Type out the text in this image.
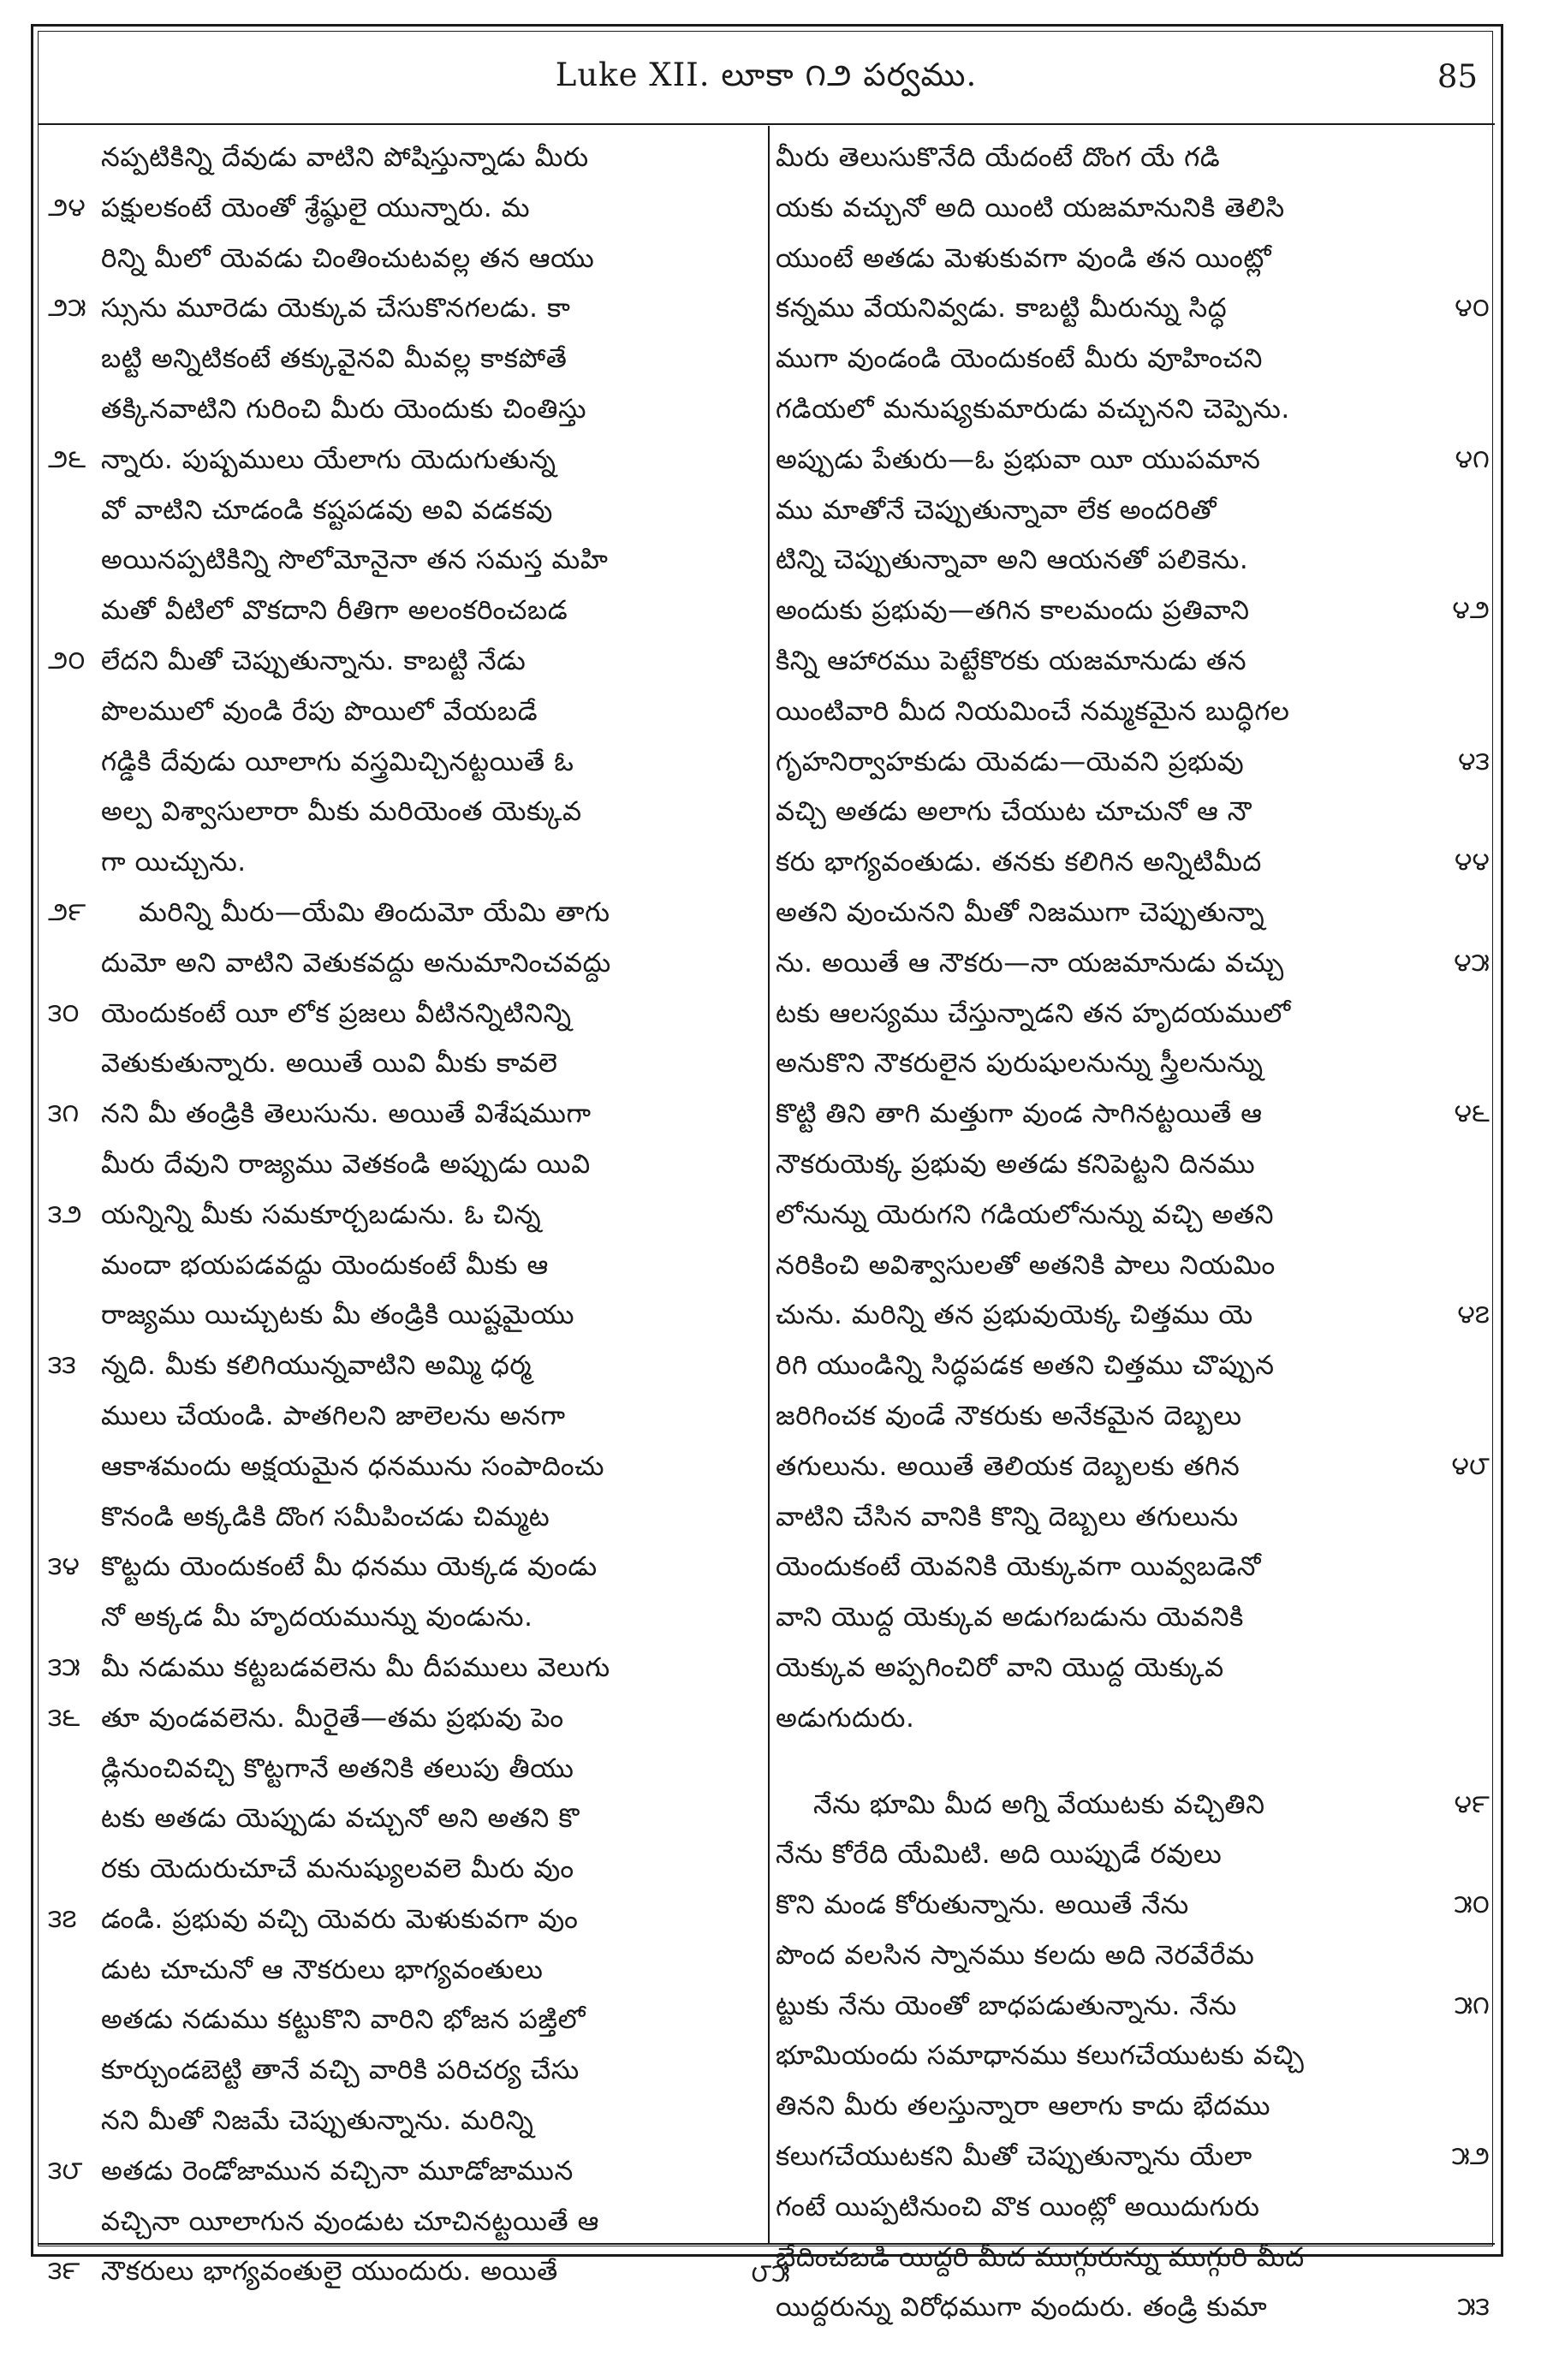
Luke XII. లూకా ౧౨ పర్వము.	85
నప్పటికిన్ని దేవుడు వాటిని పోషిస్తున్నాడు మీరు
౨౪ పక్షులకంటే యెంతో శ్రేష్ఠులై యున్నారు. మ
రిన్ని మీలో యెవడు చింతించుటవల్ల తన ఆయు
౨౫ స్సును మూరెడు యెక్కువ చేసుకొనగలడు. కా
బట్టి అన్నిటికంటే తక్కువైనవి మీవల్ల కాకపోతే
తక్కినవాటిని గురించి మీరు యెందుకు చింతిస్తు
౨౬ న్నారు. పుష్పములు యేలాగు యెదుగుతున్న
వో వాటిని చూడండి కష్టపడవు అవి వడకవు
అయినప్పటికిన్ని సొలోమోనైనా తన సమస్త మహి
మతో వీటిలో వొకదాని రీతిగా అలంకరించబడ
౨౦ లేదని మీతో చెప్పుతున్నాను. కాబట్టి నేడు
పొలములో వుండి రేపు పొయిలో వేయబడే
గడ్డికి దేవుడు యీలాగు వస్త్రమిచ్చినట్టయితే ఓ
అల్ప విశ్వాసులారా మీకు మరియెంత యెక్కువ
గా యిచ్చును.
౨౯	మరిన్ని మీరు—యేమి తిందుమో యేమి తాగు
దుమో అని వాటిని వెతుకవద్దు అనుమానించవద్దు
౩౦ యెందుకంటే యీ లోక ప్రజలు వీటినన్నిటినిన్ని
వెతుకుతున్నారు. అయితే యివి మీకు కావలె
౩౧ నని మీ తండ్రికి తెలుసును. అయితే విశేషముగా
మీరు దేవుని రాజ్యము వెతకండి అప్పుడు యివి
౩౨ యన్నిన్ని మీకు సమకూర్చబడును. ఓ చిన్న
మందా భయపడవద్దు యెందుకంటే మీకు ఆ
రాజ్యము యిచ్చుటకు మీ తండ్రికి యిష్టమైయు
౩౩ న్నది. మీకు కలిగియున్నవాటిని అమ్మి ధర్మ
ములు చేయండి. పాతగిలని జాలెలను అనగా
ఆకాశమందు అక్షయమైన ధనమును సంపాదించు
కొనండి అక్కడికి దొంగ సమీపించడు చిమ్మట
౩౪ కొట్టదు యెందుకంటే మీ ధనము యెక్కడ వుండు
నో అక్కడ మీ హృదయమున్ను వుండును.
౩౫ మీ నడుము కట్టబడవలెను మీ దీపములు వెలుగు
౩౬ తూ వుండవలెను. మీరైతే—తమ ప్రభువు పెం
డ్లినుంచివచ్చి కొట్టగానే అతనికి తలుపు తీయు
టకు అతడు యెప్పుడు వచ్చునో అని అతని కొ
రకు యెదురుచూచే మనుష్యులవలె మీరు వుం
౩౭ డండి. ప్రభువు వచ్చి యెవరు మెళుకువగా వుం
డుట చూచునో ఆ నౌకరులు భాగ్యవంతులు
అతడు నడుము కట్టుకొని వారిని భోజన పఙ్తిలో
కూర్చుండబెట్టి తానే వచ్చి వారికి పరిచర్య చేసు
నని మీతో నిజమే చెప్పుతున్నాను. మరిన్ని
౩౮ అతడు రెండోజామున వచ్చినా మూడోజామున
వచ్చినా యీలాగున వుండుట చూచినట్టయితే ఆ
౩౯ నౌకరులు భాగ్యవంతులై యుందురు. అయితే
మీరు తెలుసుకొనేది యేదంటే దొంగ యే గడి
యకు వచ్చునో అది యింటి యజమానునికి తెలిసి
యుంటే అతడు మెళుకువగా వుండి తన యింట్లో
౪౦
కన్నము వేయనివ్వడు. కాబట్టి మీరున్ను సిద్ధ
ముగా వుండండి యెందుకంటే మీరు వూహించని
గడియలో మనుష్యకుమారుడు వచ్చునని చెప్పెను.
౪౧
అప్పుడు పేతురు—ఓ ప్రభువా యీ యుపమాన
ము మాతోనే చెప్పుతున్నావా లేక అందరితో
టిన్ని చెప్పుతున్నావా అని ఆయనతో పలికెను.
౪౨
అందుకు ప్రభువు—తగిన కాలమందు ప్రతివాని
కిన్ని ఆహారము పెట్టేకొరకు యజమానుడు తన
యింటివారి మీద నియమించే నమ్మకమైన బుద్ధిగల
౪౩
గృహనిర్వాహకుడు యెవడు—యెవని ప్రభువు
వచ్చి అతడు అలాగు చేయుట చూచునో ఆ నౌ
౪౪
కరు భాగ్యవంతుడు. తనకు కలిగిన అన్నిటిమీద
అతని వుంచునని మీతో నిజముగా చెప్పుతున్నా
౪౫
ను. అయితే ఆ నౌకరు—నా యజమానుడు వచ్చు
టకు ఆలస్యము చేస్తున్నాడని తన హృదయములో
అనుకొని నౌకరులైన పురుషులనున్ను స్త్రీలనున్ను
౪౬
కొట్టి తిని తాగి మత్తుగా వుండ సాగినట్టయితే ఆ
నౌకరుయెక్క ప్రభువు అతడు కనిపెట్టని దినము
లోనున్ను యెరుగని గడియలోనున్ను వచ్చి అతని
నరికించి అవిశ్వాసులతో అతనికి పాలు నియమిం
౪౭
చును. మరిన్ని తన ప్రభువుయెక్క చిత్తము యె
రిగి యుండిన్ని సిద్ధపడక అతని చిత్తము చొప్పున
జరిగించక వుండే నౌకరుకు అనేకమైన దెబ్బలు
౪౮
తగులును. అయితే తెలియక దెబ్బలకు తగిన
వాటిని చేసిన వానికి కొన్ని దెబ్బలు తగులును
యెందుకంటే యెవనికి యెక్కువగా యివ్వబడెనో
వాని యొద్ద యెక్కువ అడుగబడును యెవనికి
యెక్కువ అప్పగించిరో వాని యొద్ద యెక్కువ
అడుగుదురు.
౪౯
నేను భూమి మీద అగ్ని వేయుటకు వచ్చితిని
నేను కోరేది యేమిటి. అది యిప్పుడే రవులు
౫౦
కొని మండ కోరుతున్నాను. అయితే నేను
పొంద వలసిన స్నానము కలదు అది నెరవేరేమ
౫౧
ట్టుకు నేను యెంతో బాధపడుతున్నాను. నేను
భూమియందు సమాధానము కలుగచేయుటకు వచ్చి
తినని మీరు తలస్తున్నారా ఆలాగు కాదు భేదము
౫౨
కలుగచేయుటకని మీతో చెప్పుతున్నాను యేలా
గంటే యిప్పటినుంచి వొక యింట్లో అయిదుగురు
భేదించబడి యిద్దరి మీద ముగ్గురున్ను ముగ్గురి మీద
౫౩
యిద్దరున్ను విరోధముగా వుందురు. తండ్రి కుమా
౮౫
